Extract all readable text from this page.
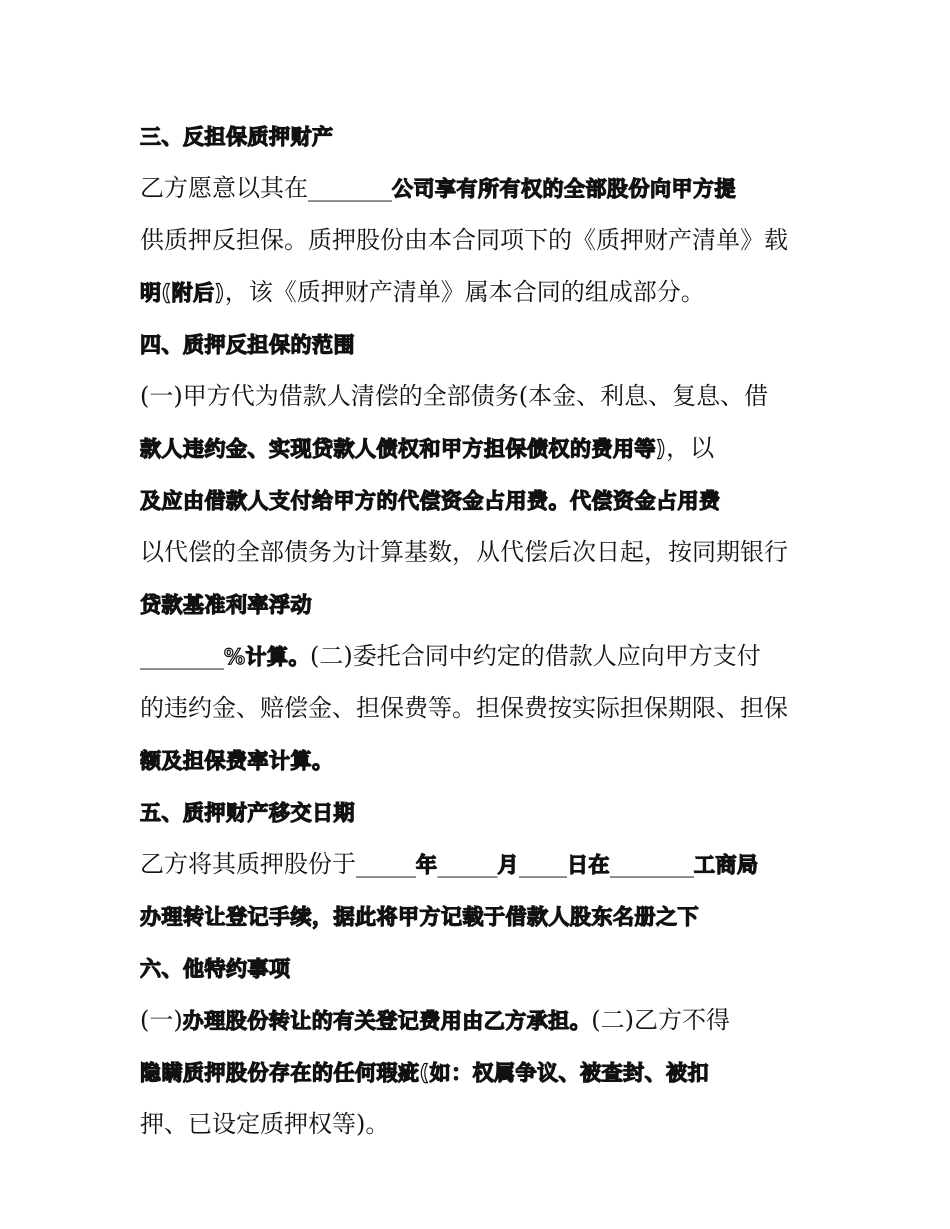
三、反担保质押财产
乙方愿意以其在_______公司享有所有权的全部股份向甲方提
供质押反担保。质押股份由本合同项下的《质押财产清单》载
明(附后)，该《质押财产清单》属本合同的组成部分。
四、质押反担保的范围
(一)甲方代为借款人清偿的全部债务(本金、利息、复息、借
款人违约金、实现贷款人债权和甲方担保债权的费用等)，以
及应由借款人支付给甲方的代偿资金占用费。代偿资金占用费
以代偿的全部债务为计算基数，从代偿后次日起，按同期银行
贷款基准利率浮动
_______%计算。(二)委托合同中约定的借款人应向甲方支付
的违约金、赔偿金、担保费等。担保费按实际担保期限、担保
额及担保费率计算。
五、质押财产移交日期
乙方将其质押股份于_____年_____月____日在_______工商局
办理转让登记手续，据此将甲方记载于借款人股东名册之下
六、他特约事项
(一)办理股份转让的有关登记费用由乙方承担。(二)乙方不得
隐瞒质押股份存在的任何瑕疵(如：权属争议、被查封、被扣
押、已设定质押权等)。
